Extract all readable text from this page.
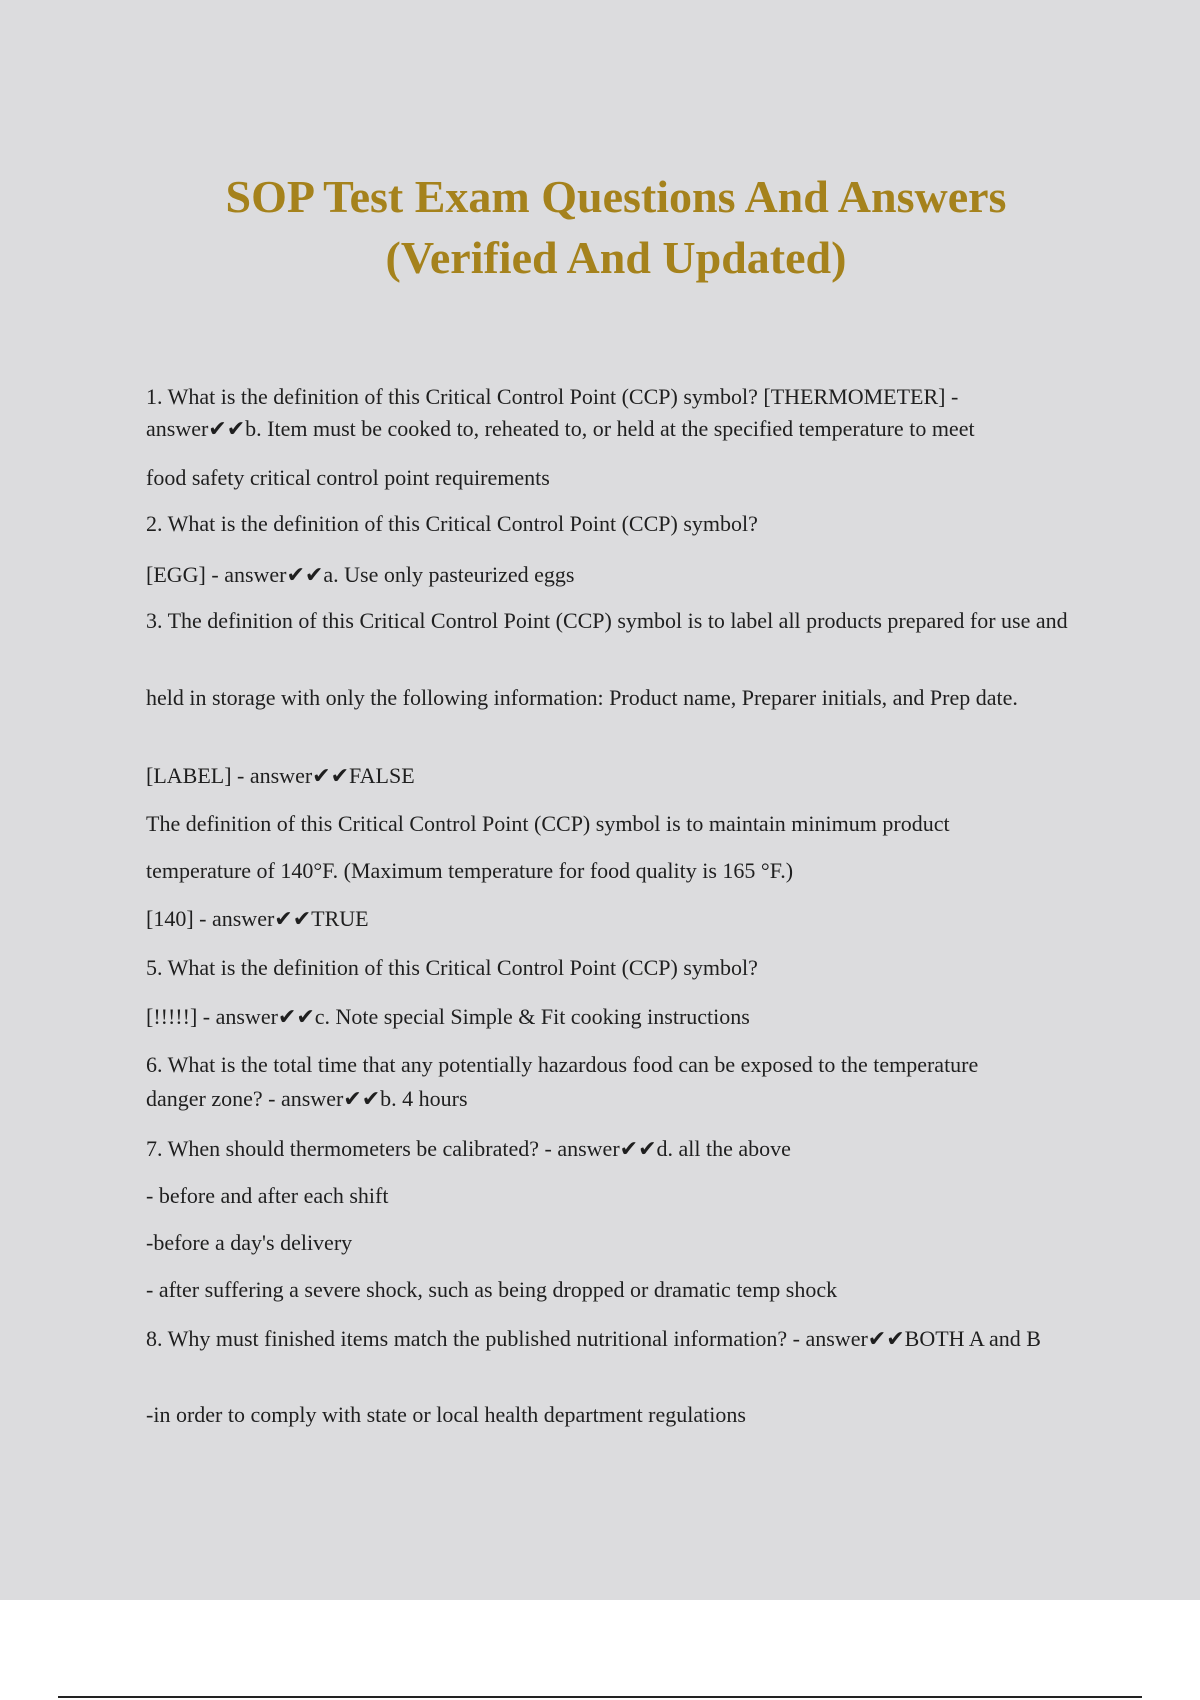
SOP Test Exam Questions And Answers
(Verified And Updated)

1. What is the definition of this Critical Control Point (CCP) symbol? [THERMOMETER] -

answer✔✔b. Item must be cooked to, reheated to, or held at the specified temperature to meet

food safety critical control point requirements

2. What is the definition of this Critical Control Point (CCP) symbol?

[EGG] - answer✔✔a. Use only pasteurized eggs

3. The definition of this Critical Control Point (CCP) symbol is to label all products prepared for use and

held in storage with only the following information: Product name, Preparer initials, and Prep date.

[LABEL] - answer✔✔FALSE

The definition of this Critical Control Point (CCP) symbol is to maintain minimum product

temperature of 140°F. (Maximum temperature for food quality is 165 °F.)

[140] - answer✔✔TRUE

5. What is the definition of this Critical Control Point (CCP) symbol?

[!!!!!] - answer✔✔c. Note special Simple & Fit cooking instructions

6. What is the total time that any potentially hazardous food can be exposed to the temperature

danger zone? - answer✔✔b. 4 hours

7. When should thermometers be calibrated? - answer✔✔d. all the above

- before and after each shift

-before a day's delivery

- after suffering a severe shock, such as being dropped or dramatic temp shock

8. Why must finished items match the published nutritional information? - answer✔✔BOTH A and B

-in order to comply with state or local health department regulations
